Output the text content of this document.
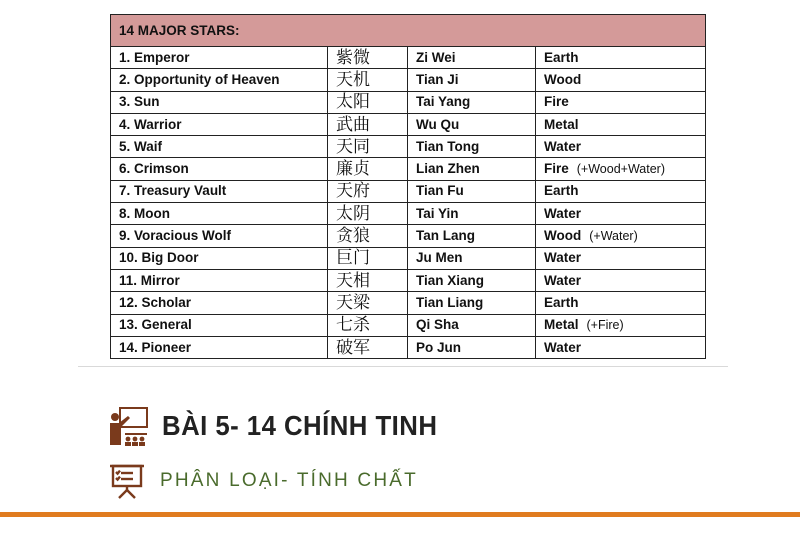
14 MAJOR STARS:			
1. Emperor	紫微	Zi Wei	Earth
2. Opportunity of Heaven	天机	Tian Ji	Wood
3. Sun	太阳	Tai Yang	Fire
4. Warrior	武曲	Wu Qu	Metal
5. Waif	天同	Tian Tong	Water
6. Crimson	廉贞	Lian Zhen	Fire (+Wood+Water)
7. Treasury Vault	天府	Tian Fu	Earth
8. Moon	太阴	Tai Yin	Water
9. Voracious Wolf	贪狼	Tan Lang	Wood (+Water)
10. Big Door	巨门	Ju Men	Water
11. Mirror	天相	Tian Xiang	Water
12. Scholar	天梁	Tian Liang	Earth
13. General	七杀	Qi Sha	Metal (+Fire)
14. Pioneer	破军	Po Jun	Water
BÀI 5- 14 CHÍNH TINH
PHÂN LOẠI- TÍNH CHẤT
